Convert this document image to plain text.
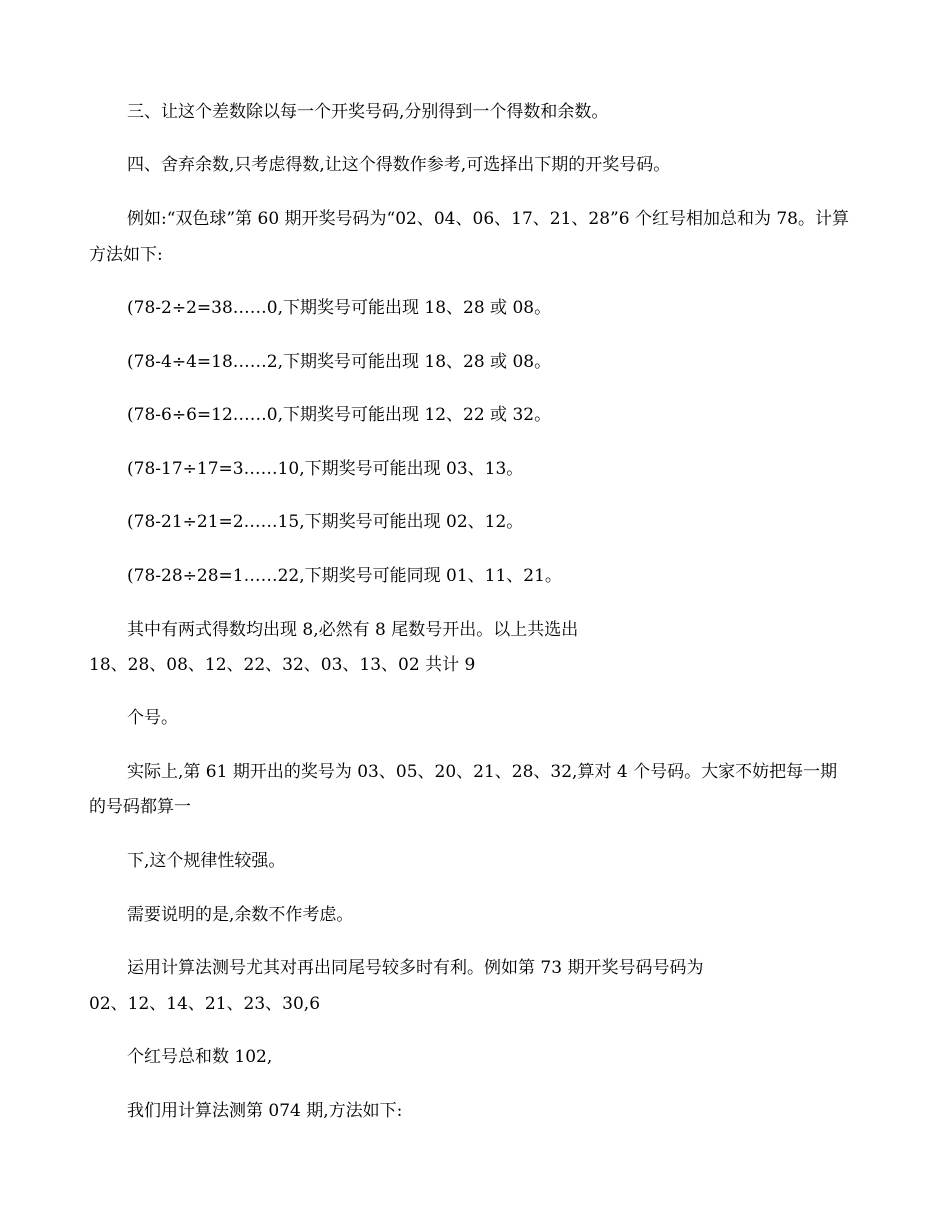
三、让这个差数除以每一个开奖号码,分别得到一个得数和余数。
四、舍弃余数,只考虑得数,让这个得数作参考,可选择出下期的开奖号码。
例如:“双色球”第 60 期开奖号码为“02、04、06、17、21、28”6 个红号相加总和为 78。计算
方法如下:
(78-2÷2=38……0,下期奖号可能出现 18、28 或 08。
(78-4÷4=18……2,下期奖号可能出现 18、28 或 08。
(78-6÷6=12……0,下期奖号可能出现 12、22 或 32。
(78-17÷17=3……10,下期奖号可能出现 03、13。
(78-21÷21=2……15,下期奖号可能出现 02、12。
(78-28÷28=1……22,下期奖号可能同现 01、11、21。
其中有两式得数均出现 8,必然有 8 尾数号开出。以上共选出
18、28、08、12、22、32、03、13、02 共计 9
个号。
实际上,第 61 期开出的奖号为 03、05、20、21、28、32,算对 4 个号码。大家不妨把每一期
的号码都算一
下,这个规律性较强。
需要说明的是,余数不作考虑。
运用计算法测号尤其对再出同尾号较多时有利。例如第 73 期开奖号码号码为
02、12、14、21、23、30,6
个红号总和数 102,
我们用计算法测第 074 期,方法如下:
